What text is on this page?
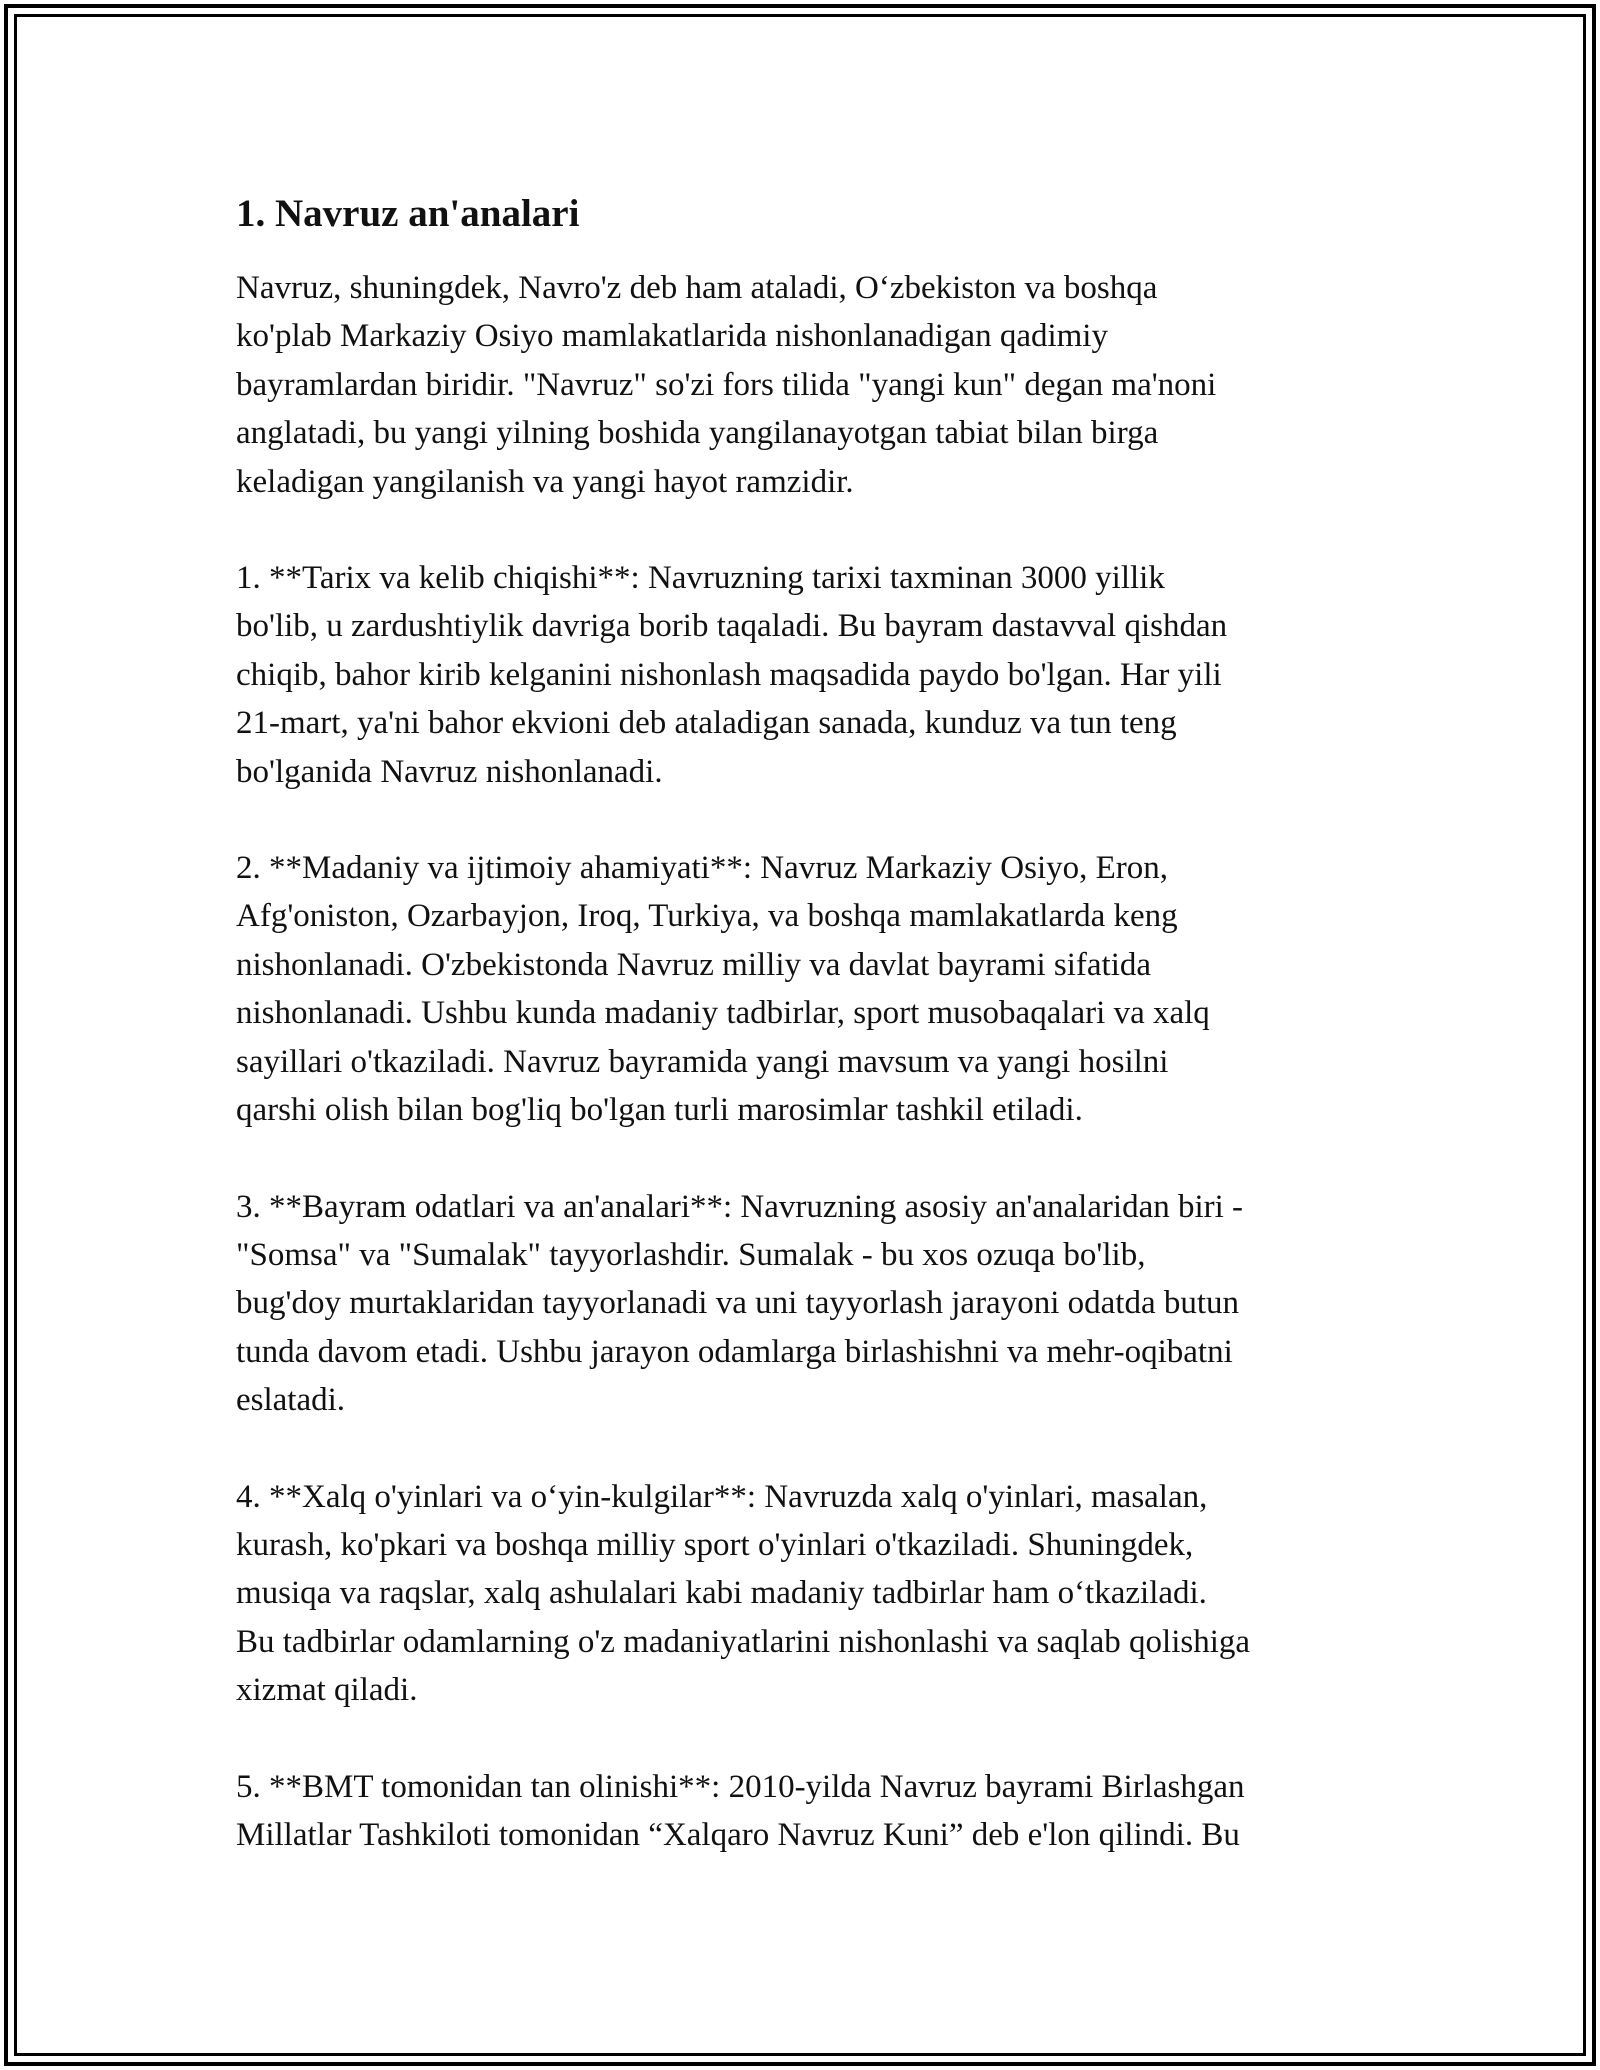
1. Navruz an'analari

Navruz, shuningdek, Navro'z deb ham ataladi, O‘zbekiston va boshqa
ko'plab Markaziy Osiyo mamlakatlarida nishonlanadigan qadimiy
bayramlardan biridir. "Navruz" so'zi fors tilida "yangi kun" degan ma'noni
anglatadi, bu yangi yilning boshida yangilanayotgan tabiat bilan birga
keladigan yangilanish va yangi hayot ramzidir.

1. **Tarix va kelib chiqishi**: Navruzning tarixi taxminan 3000 yillik
bo'lib, u zardushtiylik davriga borib taqaladi. Bu bayram dastavval qishdan
chiqib, bahor kirib kelganini nishonlash maqsadida paydo bo'lgan. Har yili
21-mart, ya'ni bahor ekvioni deb ataladigan sanada, kunduz va tun teng
bo'lganida Navruz nishonlanadi.

2. **Madaniy va ijtimoiy ahamiyati**: Navruz Markaziy Osiyo, Eron,
Afg'oniston, Ozarbayjon, Iroq, Turkiya, va boshqa mamlakatlarda keng
nishonlanadi. O'zbekistonda Navruz milliy va davlat bayrami sifatida
nishonlanadi. Ushbu kunda madaniy tadbirlar, sport musobaqalari va xalq
sayillari o'tkaziladi. Navruz bayramida yangi mavsum va yangi hosilni
qarshi olish bilan bog'liq bo'lgan turli marosimlar tashkil etiladi.

3. **Bayram odatlari va an'analari**: Navruzning asosiy an'analaridan biri -
"Somsa" va "Sumalak" tayyorlashdir. Sumalak - bu xos ozuqa bo'lib,
bug'doy murtaklaridan tayyorlanadi va uni tayyorlash jarayoni odatda butun
tunda davom etadi. Ushbu jarayon odamlarga birlashishni va mehr-oqibatni
eslatadi.

4. **Xalq o'yinlari va o‘yin-kulgilar**: Navruzda xalq o'yinlari, masalan,
kurash, ko'pkari va boshqa milliy sport o'yinlari o'tkaziladi. Shuningdek,
musiqa va raqslar, xalq ashulalari kabi madaniy tadbirlar ham o‘tkaziladi.
Bu tadbirlar odamlarning o'z madaniyatlarini nishonlashi va saqlab qolishiga
xizmat qiladi.

5. **BMT tomonidan tan olinishi**: 2010-yilda Navruz bayrami Birlashgan
Millatlar Tashkiloti tomonidan “Xalqaro Navruz Kuni” deb e'lon qilindi. Bu
